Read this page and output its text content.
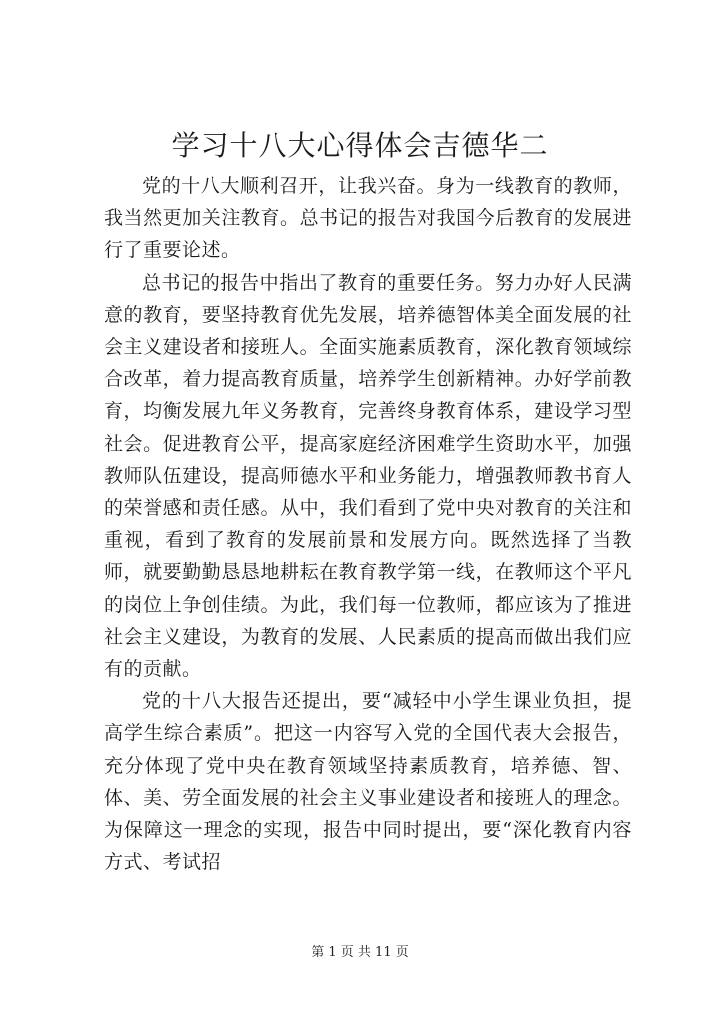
学习十八大心得体会吉德华二

党的十八大顺利召开，让我兴奋。身为一线教育的教师，我当然更加关注教育。总书记的报告对我国今后教育的发展进行了重要论述。

总书记的报告中指出了教育的重要任务。努力办好人民满意的教育，要坚持教育优先发展，培养德智体美全面发展的社会主义建设者和接班人。全面实施素质教育，深化教育领域综合改革，着力提高教育质量，培养学生创新精神。办好学前教育，均衡发展九年义务教育，完善终身教育体系，建设学习型社会。促进教育公平，提高家庭经济困难学生资助水平，加强教师队伍建设，提高师德水平和业务能力，增强教师教书育人的荣誉感和责任感。从中，我们看到了党中央对教育的关注和重视，看到了教育的发展前景和发展方向。既然选择了当教师，就要勤勤恳恳地耕耘在教育教学第一线，在教师这个平凡的岗位上争创佳绩。为此，我们每一位教师，都应该为了推进社会主义建设，为教育的发展、人民素质的提高而做出我们应有的贡献。

党的十八大报告还提出，要“减轻中小学生课业负担，提高学生综合素质”。把这一内容写入党的全国代表大会报告，充分体现了党中央在教育领域坚持素质教育，培养德、智、体、美、劳全面发展的社会主义事业建设者和接班人的理念。为保障这一理念的实现，报告中同时提出，要“深化教育内容方式、考试招

第 1 页 共 11 页
